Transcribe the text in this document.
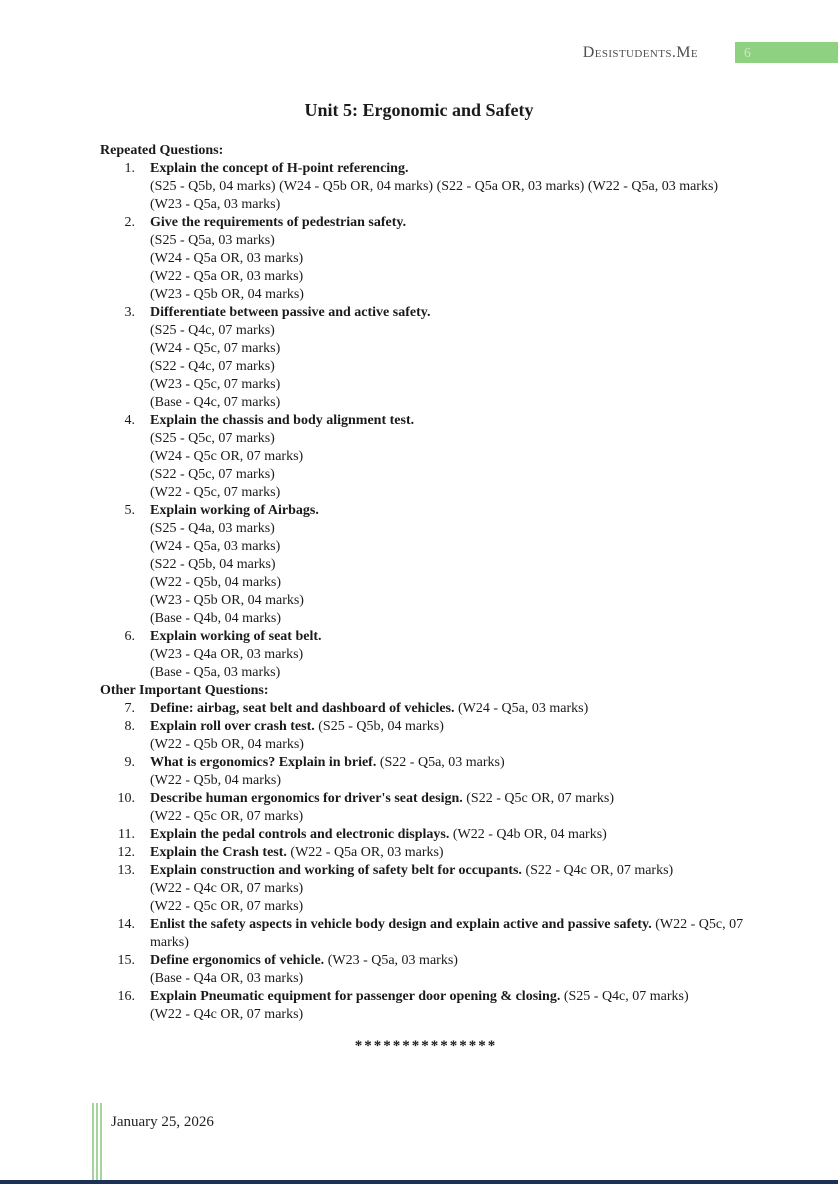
Desistudents.Me	6
Unit 5: Ergonomic and Safety
Repeated Questions:
1. Explain the concept of H-point referencing.
(S25 - Q5b, 04 marks) (W24 - Q5b OR, 04 marks) (S22 - Q5a OR, 03 marks) (W22 - Q5a, 03 marks) (W23 - Q5a, 03 marks)
2. Give the requirements of pedestrian safety.
(S25 - Q5a, 03 marks)
(W24 - Q5a OR, 03 marks)
(W22 - Q5a OR, 03 marks)
(W23 - Q5b OR, 04 marks)
3. Differentiate between passive and active safety.
(S25 - Q4c, 07 marks)
(W24 - Q5c, 07 marks)
(S22 - Q4c, 07 marks)
(W23 - Q5c, 07 marks)
(Base - Q4c, 07 marks)
4. Explain the chassis and body alignment test.
(S25 - Q5c, 07 marks)
(W24 - Q5c OR, 07 marks)
(S22 - Q5c, 07 marks)
(W22 - Q5c, 07 marks)
5. Explain working of Airbags.
(S25 - Q4a, 03 marks)
(W24 - Q5a, 03 marks)
(S22 - Q5b, 04 marks)
(W22 - Q5b, 04 marks)
(W23 - Q5b OR, 04 marks)
(Base - Q4b, 04 marks)
6. Explain working of seat belt.
(W23 - Q4a OR, 03 marks)
(Base - Q5a, 03 marks)
Other Important Questions:
7. Define: airbag, seat belt and dashboard of vehicles. (W24 - Q5a, 03 marks)
8. Explain roll over crash test. (S25 - Q5b, 04 marks)
(W22 - Q5b OR, 04 marks)
9. What is ergonomics? Explain in brief. (S22 - Q5a, 03 marks)
(W22 - Q5b, 04 marks)
10. Describe human ergonomics for driver's seat design. (S22 - Q5c OR, 07 marks)
(W22 - Q5c OR, 07 marks)
11. Explain the pedal controls and electronic displays. (W22 - Q4b OR, 04 marks)
12. Explain the Crash test. (W22 - Q5a OR, 03 marks)
13. Explain construction and working of safety belt for occupants. (S22 - Q4c OR, 07 marks)
(W22 - Q4c OR, 07 marks)
(W22 - Q5c OR, 07 marks)
14. Enlist the safety aspects in vehicle body design and explain active and passive safety. (W22 - Q5c, 07 marks)
15. Define ergonomics of vehicle. (W23 - Q5a, 03 marks)
(Base - Q4a OR, 03 marks)
16. Explain Pneumatic equipment for passenger door opening & closing. (S25 - Q4c, 07 marks)
(W22 - Q4c OR, 07 marks)
***************
January 25, 2026
